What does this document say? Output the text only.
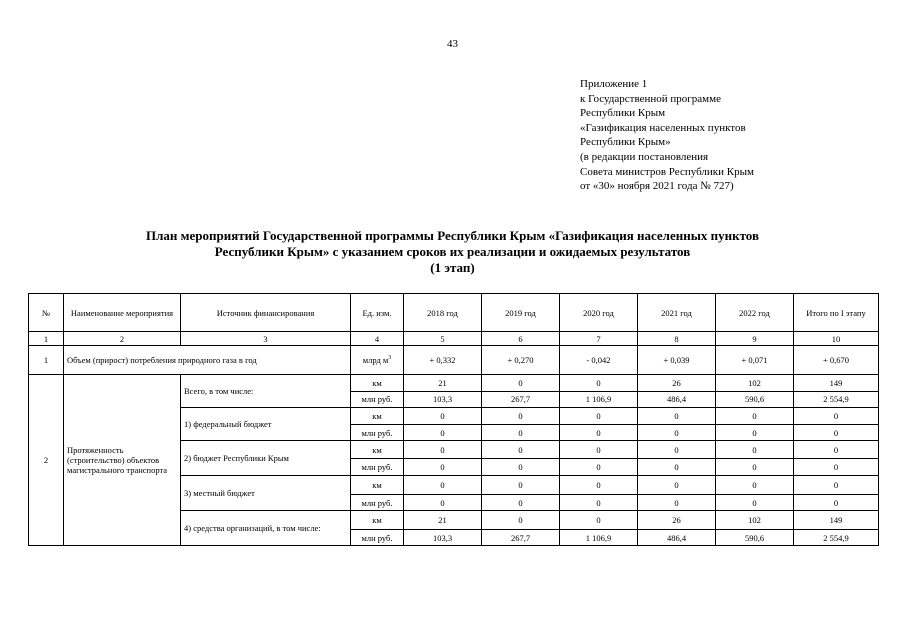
43
Приложение 1
к Государственной программе
Республики Крым
«Газификация населенных пунктов
Республики Крым»
(в редакции постановления
Совета министров Республики Крым
от «30» ноября 2021 года № 727)
План мероприятий Государственной программы Республики Крым «Газификация населенных пунктов
Республики Крым» с указанием сроков их реализации и ожидаемых результатов
(1 этап)
№	Наименование мероприятия	Источник финансирования	Ед. изм.	2018 год	2019 год	2020 год	2021 год	2022 год	Итого по I этапу
1	2	3	4	5	6	7	8	9	10
1	Объем (прирост) потребления природного газа в год		млрд $м^3$	+ 0,332	+ 0,270	- 0,042	+ 0,039	+ 0,071	+ 0,670
2	Протяженность (строительство) объектов магистрального транспорта	Всего, в том числе:	км	21	0	0	26	102	149
			млн руб.	103,3	267,7	1 106,9	486,4	590,6	2 554,9
		1) федеральный бюджет	км	0	0	0	0	0	0
			млн руб.	0	0	0	0	0	0
		2) бюджет Республики Крым	км	0	0	0	0	0	0
			млн руб.	0	0	0	0	0	0
		3) местный бюджет	км	0	0	0	0	0	0
			млн руб.	0	0	0	0	0	0
		4) средства организаций, в том числе:	км	21	0	0	26	102	149
			млн руб.	103,3	267,7	1 106,9	486,4	590,6	2 554,9
